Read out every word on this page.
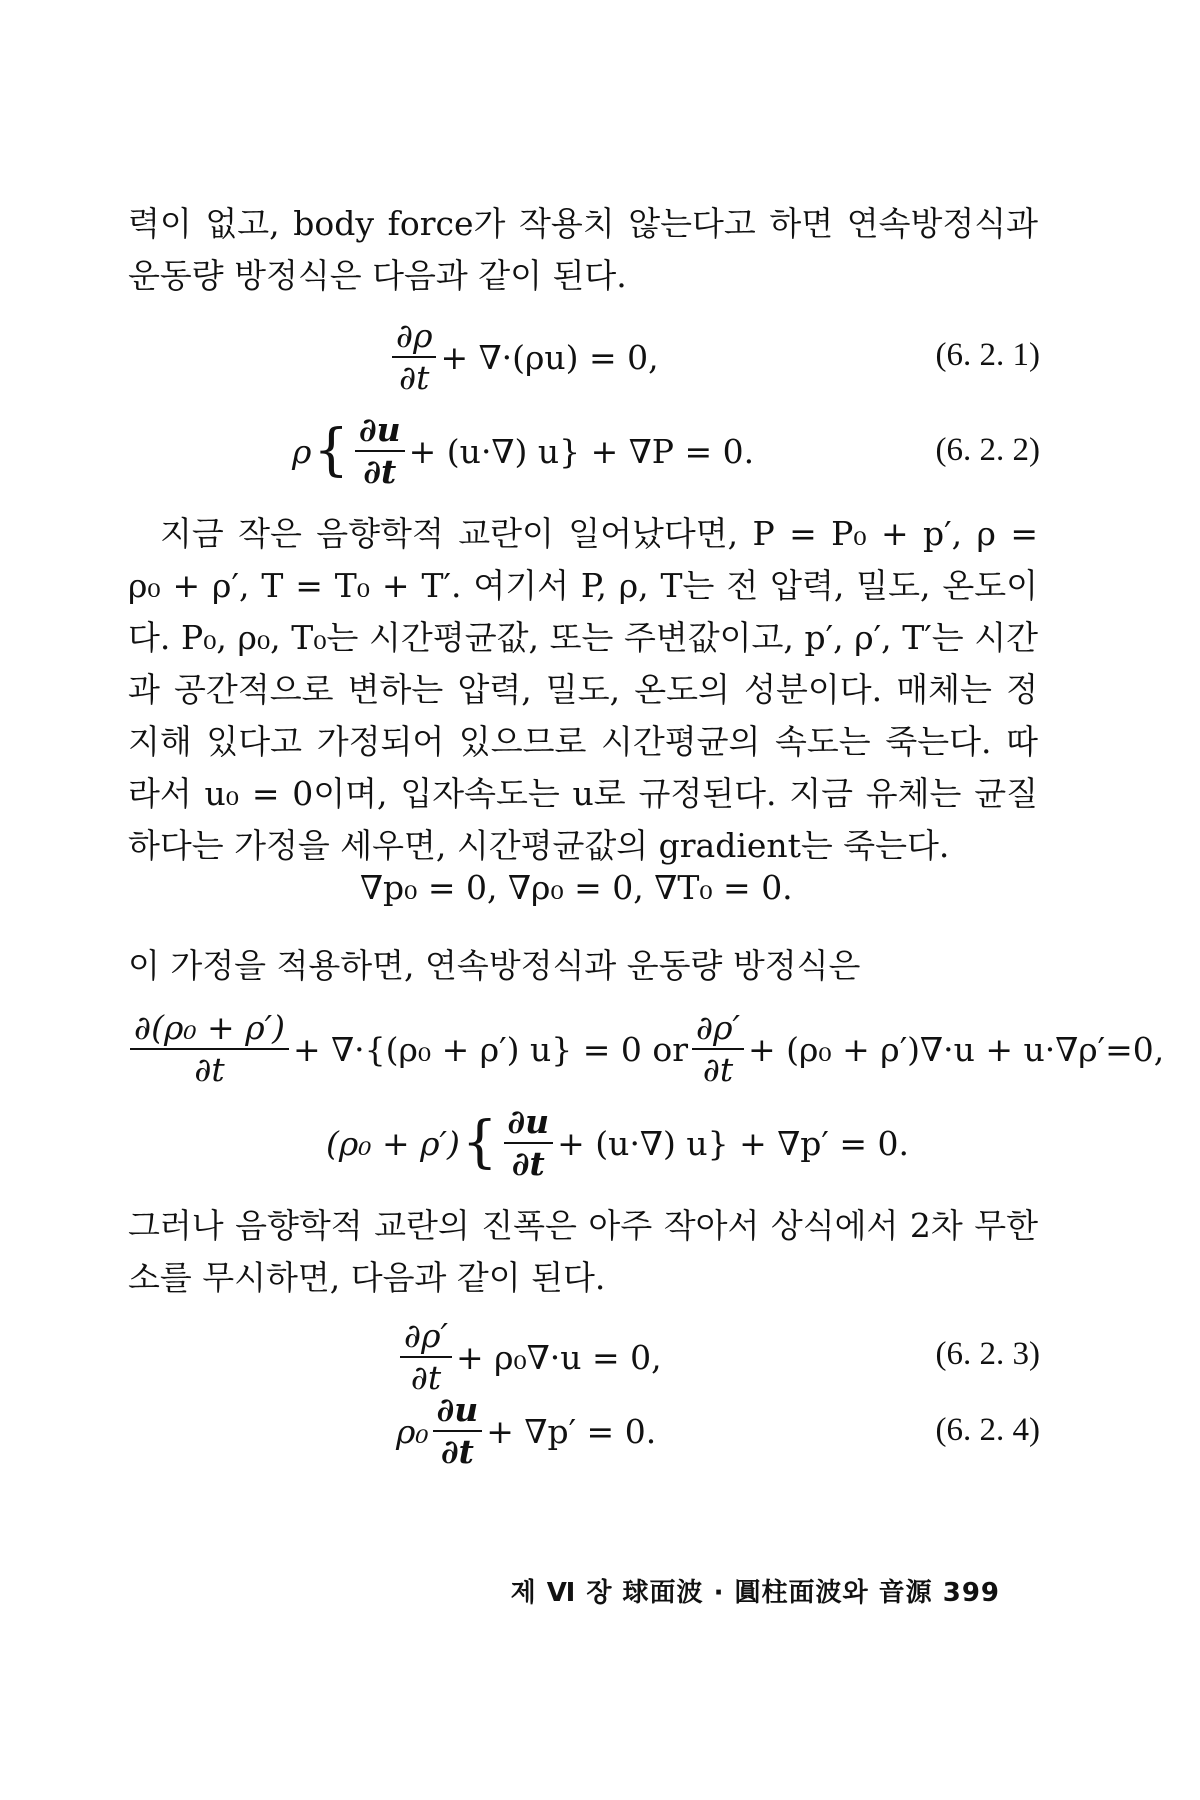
력이 없고, body force가 작용치 않는다고 하면 연속방정식과 운동량 방정식은 다음과 같이 된다.

$\frac{\partial\rho}{\partial t} + \nabla\cdot(\rho u) = 0$,	(6. 2. 1)
ρ { $\frac{\partial u}{\partial t} + (u\cdot\nabla) u\} + \nabla P = 0$.	(6. 2. 2)

지금 작은 음향학적 교란이 일어났다면, P = P₀ + p′, ρ = ρ₀ + ρ′, T = T₀ + T′. 여기서 P, ρ, T는 전 압력, 밀도, 온도이다. P₀, ρ₀, T₀는 시간평균값, 또는 주변값이고, p′, ρ′, T′는 시간과 공간적으로 변하는 압력, 밀도, 온도의 성분이다. 매체는 정지해 있다고 가정되어 있으므로 시간평균의 속도는 죽는다. 따라서 u₀ = 0이며, 입자속도는 u로 규정된다. 지금 유체는 균질하다는 가정을 세우면, 시간평균값의 gradient는 죽는다.

∇p₀ = 0, ∇ρ₀ = 0, ∇T₀ = 0.

이 가정을 적용하면, 연속방정식과 운동량 방정식은

$\frac{\text{∂(ρ₀ + ρ′)}}{\partial t} + \nabla\cdot\{(\rho_0 + \rho') u\} = 0$ or $\frac{\partial\rho'}{\partial t} + (\rho_0 + \rho')\nabla\cdot u + u\cdot\nabla\rho'=0$,
(ρ₀ + ρ′) { $\frac{\partial u}{\partial t} + (u\cdot\nabla) u\} + \nabla p' = 0$.

그러나 음향학적 교란의 진폭은 아주 작아서 상식에서 2차 무한소를 무시하면, 다음과 같이 된다.

$\frac{\partial\rho'}{\partial t} + \rho_0\nabla\cdot u = 0$,	(6. 2. 3)
$\rho_0 \frac{\partial u}{\partial t} + \nabla p' = 0$.	(6. 2. 4)
제 Ⅵ 장 球面波 · 圓柱面波와 音源 399
